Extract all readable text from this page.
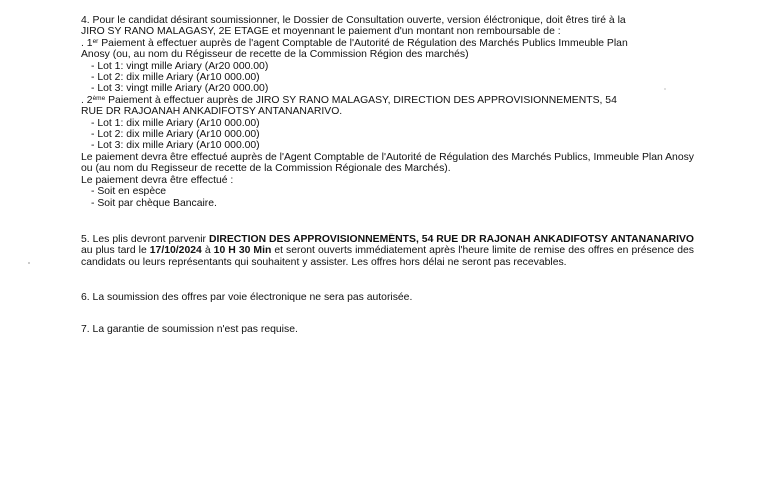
4. Pour le candidat désirant soumissionner, le Dossier de Consultation ouverte, version éléctronique, doit êtres tiré à la

JIRO SY RANO MALAGASY, 2E ETAGE et moyennant le paiement d'un montant non remboursable de :

. 1er Paiement à effectuer auprès de l'agent Comptable de l'Autorité de Régulation des Marchés Publics Immeuble Plan

Anosy (ou, au nom du Régisseur de recette de la Commission Région des marchés)

- Lot 1: vingt mille Ariary (Ar20 000.00)

- Lot 2: dix mille Ariary (Ar10 000.00)

- Lot 3: vingt mille Ariary (Ar20 000.00)

. 2ème Paiement à effectuer auprès de JIRO SY RANO MALAGASY, DIRECTION DES APPROVISIONNEMENTS, 54

RUE DR RAJOANAH ANKADIFOTSY ANTANANARIVO.

- Lot 1: dix mille Ariary (Ar10 000.00)

- Lot 2: dix mille Ariary (Ar10 000.00)

- Lot 3: dix mille Ariary (Ar10 000.00)

Le paiement devra être effectué auprès de l'Agent Comptable de l'Autorité de Régulation des Marchés Publics, Immeuble Plan Anosy ou (au nom du Regisseur de recette de la Commission Régionale des Marchés).

Le paiement devra être effectué :

- Soit en espèce

- Soit par chèque Bancaire.

5. Les plis devront parvenir DIRECTION DES APPROVISIONNEMENTS, 54 RUE DR RAJONAH ANKADIFOTSY ANTANANARIVO au plus tard le 17/10/2024 à 10 H 30 Min et seront ouverts immédiatement après l'heure limite de remise des offres en présence des candidats ou leurs représentants qui souhaitent y assister. Les offres hors délai ne seront pas recevables.

6. La soumission des offres par voie électronique ne sera pas autorisée.

7. La garantie de soumission n'est pas requise.
